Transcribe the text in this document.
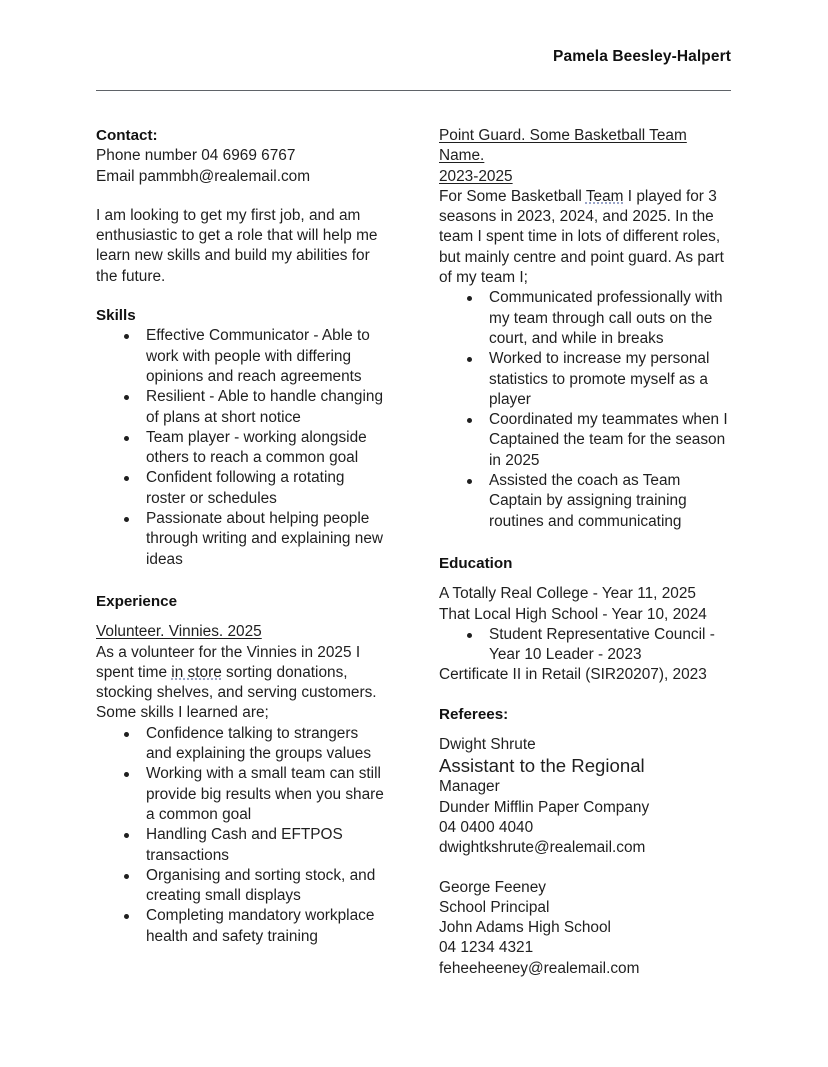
Pamela Beesley-Halpert
Contact:
Phone number 04 6969 6767
Email pammbh@realemail.com
I am looking to get my first job, and am enthusiastic to get a role that will help me learn new skills and build my abilities for the future.
Skills
Effective Communicator - Able to work with people with differing opinions and reach agreements
Resilient - Able to handle changing of plans at short notice
Team player - working alongside others to reach a common goal
Confident following a rotating roster or schedules
Passionate about helping people through writing and explaining new ideas
Experience
Volunteer. Vinnies. 2025
As a volunteer for the Vinnies in 2025 I spent time in store sorting donations, stocking shelves, and serving customers. Some skills I learned are;
Confidence talking to strangers and explaining the groups values
Working with a small team can still provide big results when you share a common goal
Handling Cash and EFTPOS transactions
Organising and sorting stock, and creating small displays
Completing mandatory workplace health and safety training
Point Guard. Some Basketball Team Name.
2023-2025
For Some Basketball Team I played for 3 seasons in 2023, 2024, and 2025. In the team I spent time in lots of different roles, but mainly centre and point guard. As part of my team I;
Communicated professionally with my team through call outs on the court, and while in breaks
Worked to increase my personal statistics to promote myself as a player
Coordinated my teammates when I Captained the team for the season in 2025
Assisted the coach as Team Captain by assigning training routines and communicating
Education
A Totally Real College - Year 11, 2025
That Local High School - Year 10, 2024
Student Representative Council - Year 10 Leader - 2023
Certificate II in Retail (SIR20207), 2023
Referees:
Dwight Shrute
Assistant to the Regional
Manager
Dunder Mifflin Paper Company
04 0400 4040
dwightkshrute@realemail.com
George Feeney
School Principal
John Adams High School
04 1234 4321
feheeheeney@realemail.com
